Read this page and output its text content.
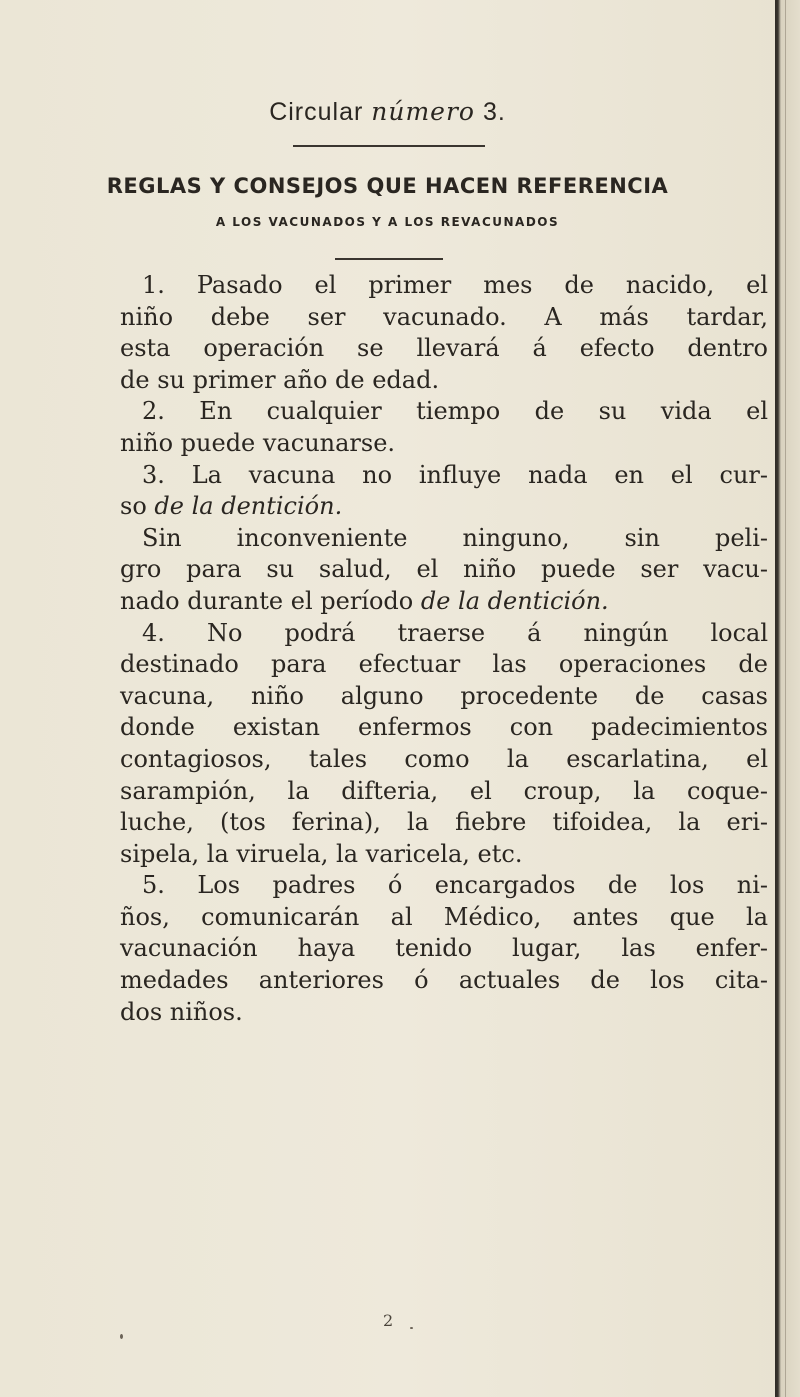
Circular número 3.
REGLAS Y CONSEJOS QUE HACEN REFERENCIA
A LOS VACUNADOS Y A LOS REVACUNADOS
1. Pasado el primer mes de nacido, el
niño debe ser vacunado. A más tardar,
esta operación se llevará á efecto dentro
de su primer año de edad.
2. En cualquier tiempo de su vida el
niño puede vacunarse.
3. La vacuna no influye nada en el cur-
so de la dentición.
Sin inconveniente ninguno, sin peli-
gro para su salud, el niño puede ser vacu-
nado durante el período de la dentición.
4. No podrá traerse á ningún local
destinado para efectuar las operaciones de
vacuna, niño alguno procedente de casas
donde existan enfermos con padecimientos
contagiosos, tales como la escarlatina, el
sarampión, la difteria, el croup, la coque-
luche, (tos ferina), la fiebre tifoidea, la eri-
sipela, la viruela, la varicela, etc.
5. Los padres ó encargados de los ni-
ños, comunicarán al Médico, antes que la
vacunación haya tenido lugar, las enfer-
medades anteriores ó actuales de los cita-
dos niños.
2
